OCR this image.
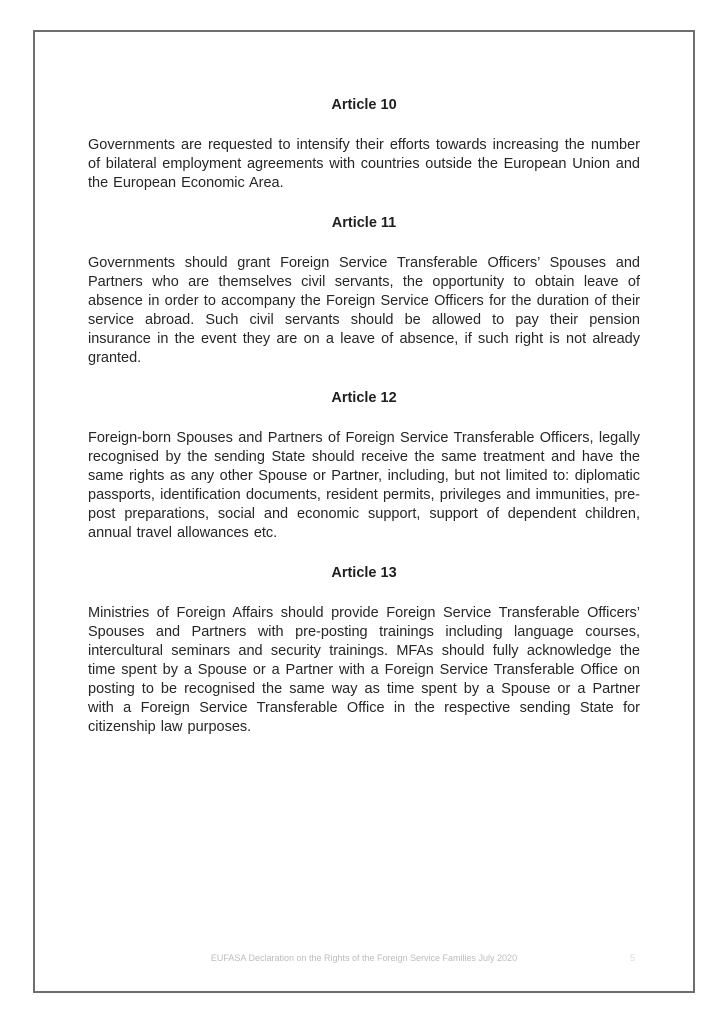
Article 10

Governments are requested to intensify their efforts towards increasing the number of bilateral employment agreements with countries outside the European Union and the European Economic Area.

Article 11

Governments should grant Foreign Service Transferable Officers’ Spouses and Partners who are themselves civil servants, the opportunity to obtain leave of absence in order to accompany the Foreign Service Officers for the duration of their service abroad. Such civil servants should be allowed to pay their pension insurance in the event they are on a leave of absence, if such right is not already granted.

Article 12

Foreign-born Spouses and Partners of Foreign Service Transferable Officers, legally recognised by the sending State should receive the same treatment and have the same rights as any other Spouse or Partner, including, but not limited to: diplomatic passports, identification documents, resident permits, privileges and immunities, pre-post preparations, social and economic support, support of dependent children, annual travel allowances etc.

Article 13

Ministries of Foreign Affairs should provide Foreign Service Transferable Officers’ Spouses and Partners with pre-posting trainings including language courses, intercultural seminars and security trainings. MFAs should fully acknowledge the time spent by a Spouse or a Partner with a Foreign Service Transferable Office on posting to be recognised the same way as time spent by a Spouse or a Partner with a Foreign Service Transferable Office in the respective sending State for citizenship law purposes.

EUFASA Declaration on the Rights of the Foreign Service Families July 2020	5
